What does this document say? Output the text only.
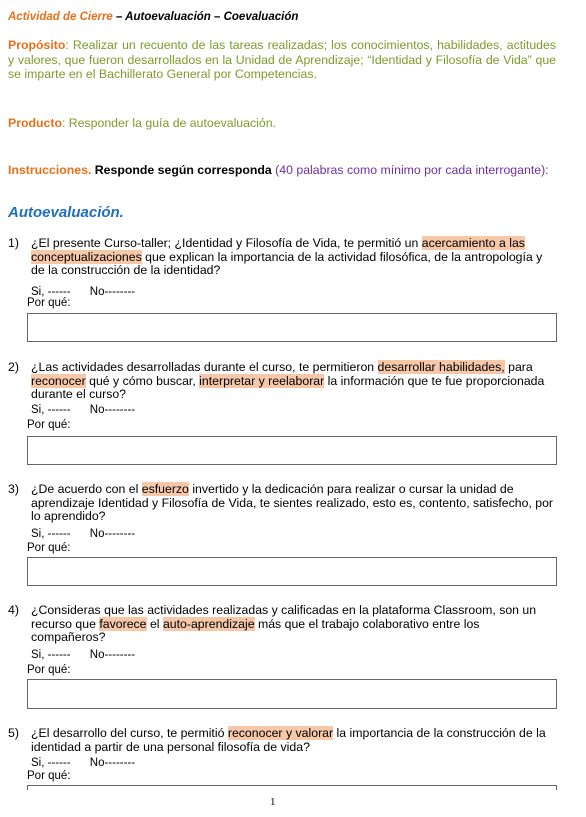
Actividad de Cierre – Autoevaluación – Coevaluación
Propósito: Realizar un recuento de las tareas realizadas; los conocimientos, habilidades, actitudes y valores, que fueron desarrollados en la Unidad de Aprendizaje; “Identidad y Filosofía de Vida” que se imparte en el Bachillerato General por Competencias.
Producto: Responder la guía de autoevaluación.
Instrucciones. Responde según corresponda (40 palabras como mínimo por cada interrogante):
Autoevaluación.
1) ¿El presente Curso-taller; ¿Identidad y Filosofía de Vida, te permitió un acercamiento a las conceptualizaciones que explican la importancia de la actividad filosófica, de la antropología y de la construcción de la identidad?
Si, ------ No--------
Por qué:
2) ¿Las actividades desarrolladas durante el curso, te permitieron desarrollar habilidades, para reconocer qué y cómo buscar, interpretar y reelaborar la información que te fue proporcionada durante el curso?
Si, ------ No--------
Por qué:
3) ¿De acuerdo con el esfuerzo invertido y la dedicación para realizar o cursar la unidad de aprendizaje Identidad y Filosofía de Vida, te sientes realizado, esto es, contento, satisfecho, por lo aprendido?
Si, ------ No--------
Por qué:
4) ¿Consideras que las actividades realizadas y calificadas en la plataforma Classroom, son un recurso que favorece el auto-aprendizaje más que el trabajo colaborativo entre los compañeros?
Si, ------ No--------
Por qué:
5) ¿El desarrollo del curso, te permitió reconocer y valorar la importancia de la construcción de la identidad a partir de una personal filosofía de vida?
Si, ------ No--------
Por qué:
1
